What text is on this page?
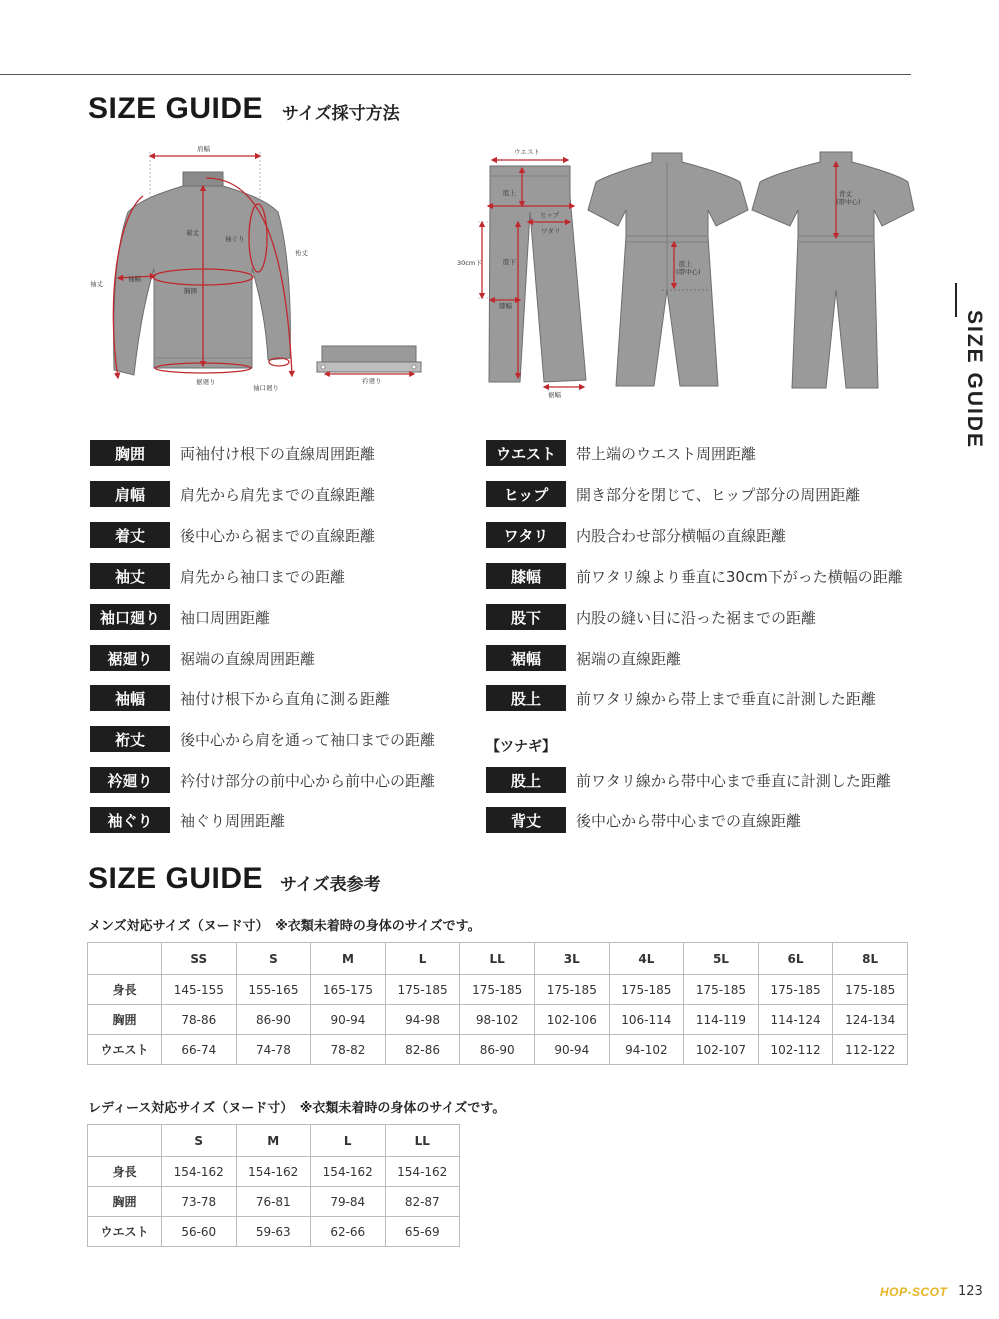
SIZE GUIDE サイズ採寸方法
SIZE GUIDE
肩幅
着丈
袖ぐり
裄丈
袖丈
袖幅
胸囲
裾廻り
袖口廻り
衿廻り
ウエスト
股上
ヒップ
ワタリ
30cm下	股下
膝幅
裾幅
股上(帯中心)
背丈(帯中心)
胸囲	両袖付け根下の直線周囲距離
肩幅	肩先から肩先までの直線距離
着丈	後中心から裾までの直線距離
袖丈	肩先から袖口までの距離
袖口廻り	袖口周囲距離
裾廻り	裾端の直線周囲距離
袖幅	袖付け根下から直角に測る距離
裄丈	後中心から肩を通って袖口までの距離
衿廻り	衿付け部分の前中心から前中心の距離
袖ぐり	袖ぐり周囲距離
ウエスト	帯上端のウエスト周囲距離
ヒップ	開き部分を閉じて、ヒップ部分の周囲距離
ワタリ	内股合わせ部分横幅の直線距離
膝幅	前ワタリ線より垂直に30cm下がった横幅の距離
股下	内股の縫い目に沿った裾までの距離
裾幅	裾端の直線距離
股上	前ワタリ線から帯上まで垂直に計測した距離
【ツナギ】
股上	前ワタリ線から帯中心まで垂直に計測した距離
背丈	後中心から帯中心までの直線距離
SIZE GUIDE サイズ表参考
メンズ対応サイズ（ヌード寸）　※衣類未着時の身体のサイズです。
	SS	S	M	L	LL	3L	4L	5L	6L	8L
身長	145-155	155-165	165-175	175-185	175-185	175-185	175-185	175-185	175-185	175-185
胸囲	78-86	86-90	90-94	94-98	98-102	102-106	106-114	114-119	114-124	124-134
ウエスト	66-74	74-78	78-82	82-86	86-90	90-94	94-102	102-107	102-112	112-122
レディース対応サイズ（ヌード寸）　※衣類未着時の身体のサイズです。
	S	M	L	LL
身長	154-162	154-162	154-162	154-162
胸囲	73-78	76-81	79-84	82-87
ウエスト	56-60	59-63	62-66	65-69
HOP-SCOT 123
